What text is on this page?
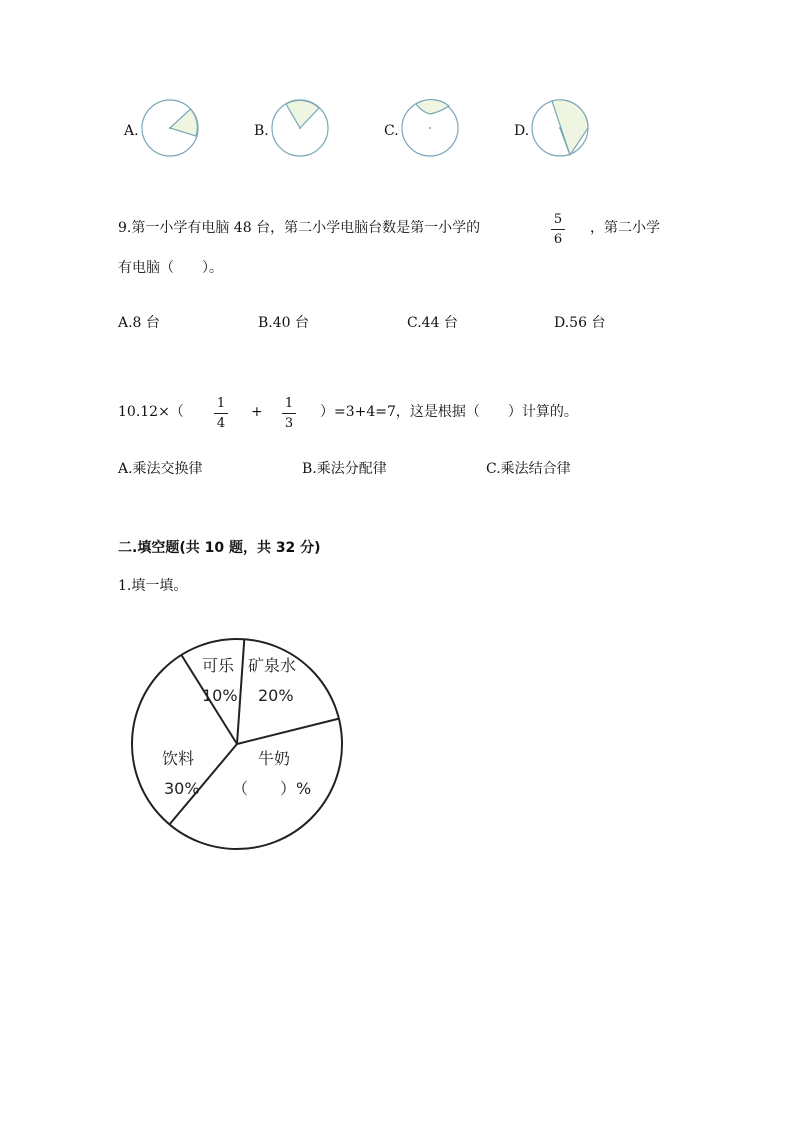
A.	B.	C.	D.
9.第一小学有电脑 48 台，第二小学电脑台数是第一小学的
5
6
，第二小学
有电脑（　　）。
A.8 台	B.40 台	C.44 台	D.56 台
10.12×（
1
4
+
1
3
）=3+4=7，这是根据（　　）计算的。
A.乘法交换律	B.乘法分配律	C.乘法结合律
二.填空题(共 10 题，共 32 分)
1.填一填。
可乐
10%
矿泉水
20%
牛奶
（　　）%
饮料
30%
